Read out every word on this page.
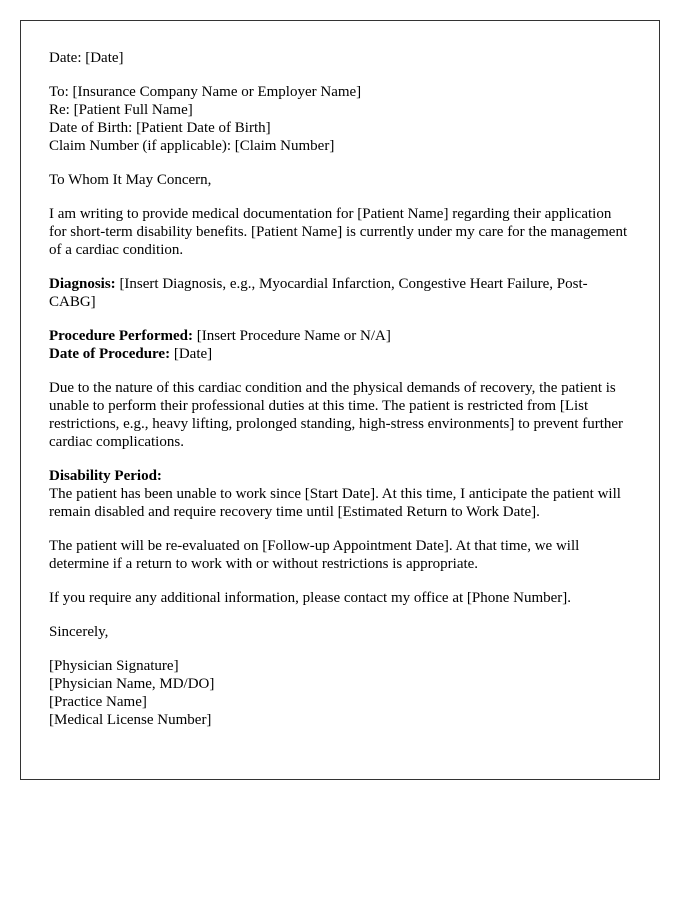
Date: [Date]
To: [Insurance Company Name or Employer Name]
Re: [Patient Full Name]
Date of Birth: [Patient Date of Birth]
Claim Number (if applicable): [Claim Number]
To Whom It May Concern,

I am writing to provide medical documentation for [Patient Name] regarding their application for short-term disability benefits. [Patient Name] is currently under my care for the management of a cardiac condition.

Diagnosis: [Insert Diagnosis, e.g., Myocardial Infarction, Congestive Heart Failure, Post-CABG]

Procedure Performed: [Insert Procedure Name or N/A]
Date of Procedure: [Date]

Due to the nature of this cardiac condition and the physical demands of recovery, the patient is unable to perform their professional duties at this time. The patient is restricted from [List restrictions, e.g., heavy lifting, prolonged standing, high-stress environments] to prevent further cardiac complications.

Disability Period:
The patient has been unable to work since [Start Date]. At this time, I anticipate the patient will remain disabled and require recovery time until [Estimated Return to Work Date].

The patient will be re-evaluated on [Follow-up Appointment Date]. At that time, we will determine if a return to work with or without restrictions is appropriate.

If you require any additional information, please contact my office at [Phone Number].

Sincerely,
[Physician Signature]
[Physician Name, MD/DO]
[Practice Name]
[Medical License Number]
